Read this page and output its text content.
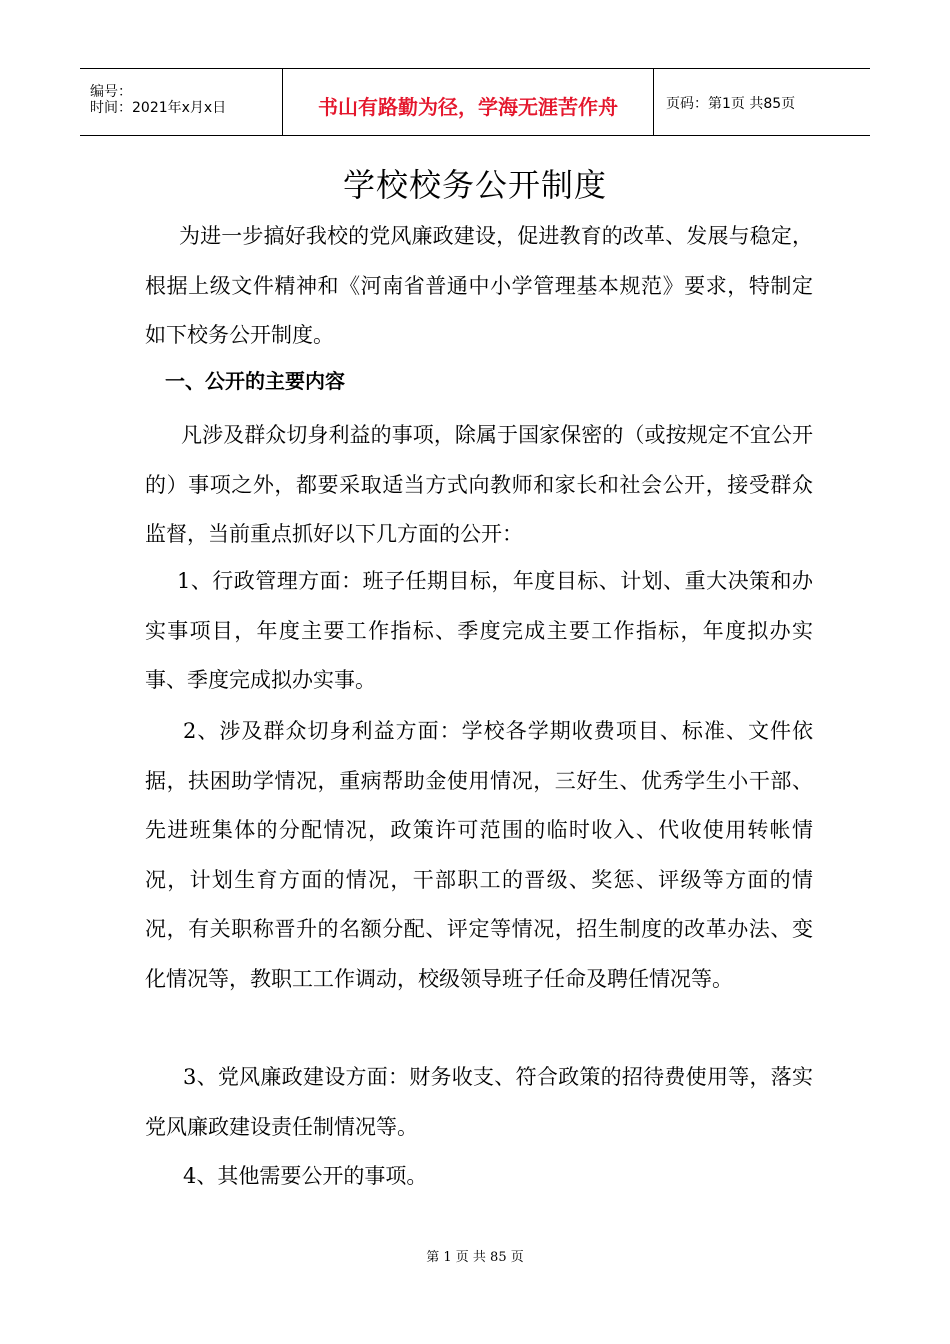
编号：
时间：2021年x月x日	书山有路勤为径，学海无涯苦作舟	页码：第1页 共85页
学校校务公开制度

为进一步搞好我校的党风廉政建设，促进教育的改革、发展与稳定，根据上级文件精神和《河南省普通中小学管理基本规范》要求，特制定如下校务公开制度。

一、公开的主要内容

凡涉及群众切身利益的事项，除属于国家保密的（或按规定不宜公开的）事项之外，都要采取适当方式向教师和家长和社会公开，接受群众监督，当前重点抓好以下几方面的公开：

1、行政管理方面：班子任期目标，年度目标、计划、重大决策和办实事项目，年度主要工作指标、季度完成主要工作指标，年度拟办实事、季度完成拟办实事。

2、涉及群众切身利益方面：学校各学期收费项目、标准、文件依据，扶困助学情况，重病帮助金使用情况，三好生、优秀学生小干部、先进班集体的分配情况，政策许可范围的临时收入、代收使用转帐情况，计划生育方面的情况，干部职工的晋级、奖惩、评级等方面的情况，有关职称晋升的名额分配、评定等情况，招生制度的改革办法、变化情况等，教职工工作调动，校级领导班子任命及聘任情况等。

3、党风廉政建设方面：财务收支、符合政策的招待费使用等，落实党风廉政建设责任制情况等。

4、其他需要公开的事项。

第 1 页 共 85 页
